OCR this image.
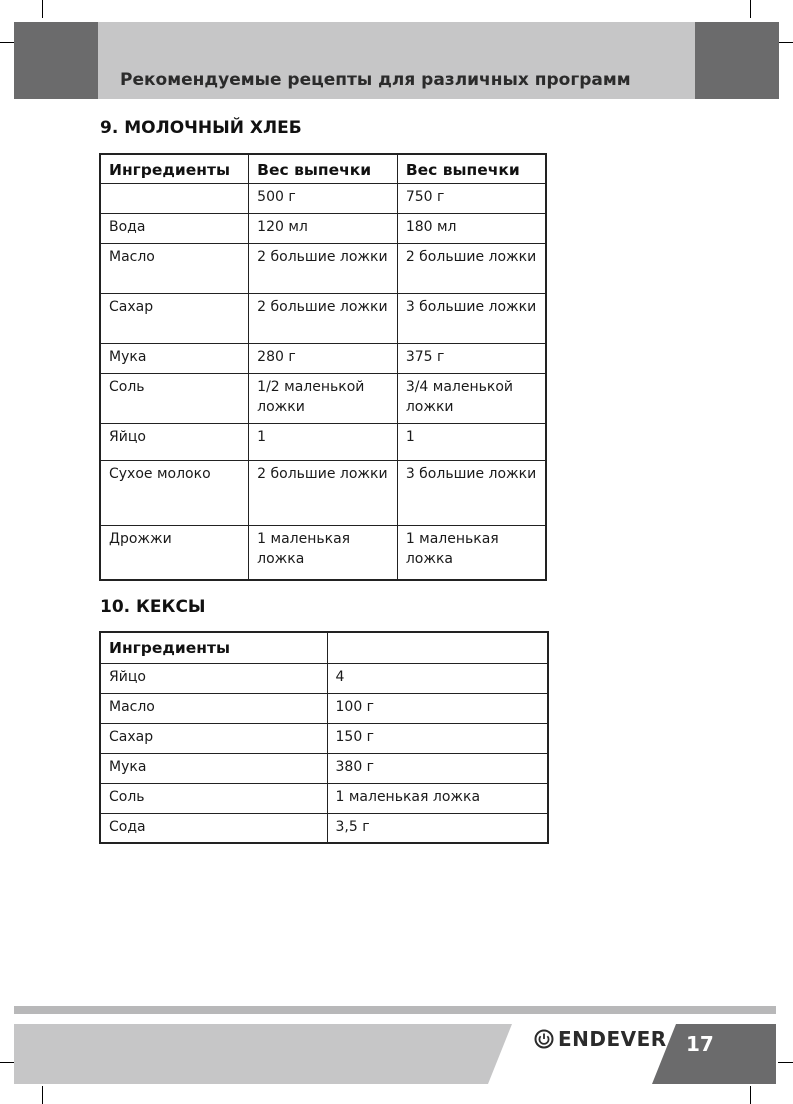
Рекомендуемые рецепты для различных программ
9. МОЛОЧНЫЙ ХЛЕБ
Ингредиенты	Вес выпечки	Вес выпечки
	500 г	750 г
Вода	120 мл	180 мл
Масло	2 большие ложки	2 большие ложки
Сахар	2 большие ложки	3 большие ложки
Мука	280 г	375 г
Соль	1/2 маленькой ложки	3/4 маленькой ложки
Яйцо	1	1
Сухое молоко	2 большие ложки	3 большие ложки
Дрожжи	1 маленькая ложка	1 маленькая ложка
10. КЕКСЫ
Ингредиенты	
Яйцо	4
Масло	100 г
Сахар	150 г
Мука	380 г
Соль	1 маленькая ложка
Сода	3,5 г
ENDEVER 17
